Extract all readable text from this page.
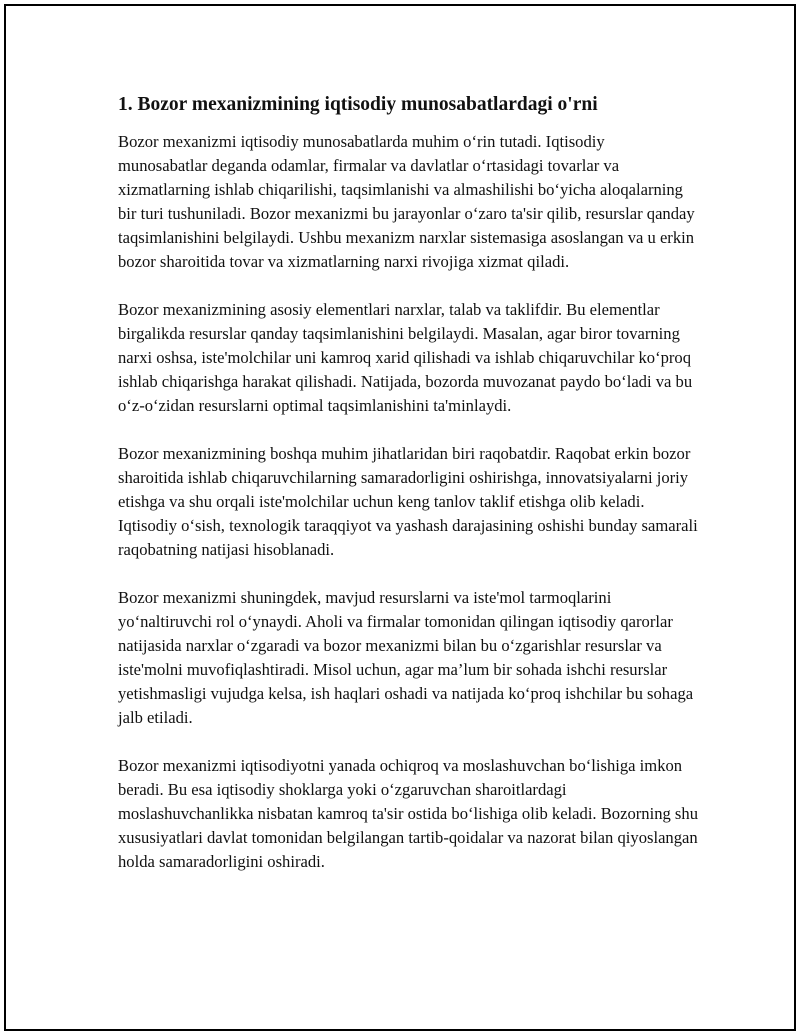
1. Bozor mexanizmining iqtisodiy munosabatlardagi o'rni

Bozor mexanizmi iqtisodiy munosabatlarda muhim o‘rin tutadi. Iqtisodiy munosabatlar deganda odamlar, firmalar va davlatlar o‘rtasidagi tovarlar va xizmatlarning ishlab chiqarilishi, taqsimlanishi va almashilishi bo‘yicha aloqalarning bir turi tushuniladi. Bozor mexanizmi bu jarayonlar o‘zaro ta'sir qilib, resurslar qanday taqsimlanishini belgilaydi. Ushbu mexanizm narxlar sistemasiga asoslangan va u erkin bozor sharoitida tovar va xizmatlarning narxi rivojiga xizmat qiladi.

Bozor mexanizmining asosiy elementlari narxlar, talab va taklifdir. Bu elementlar birgalikda resurslar qanday taqsimlanishini belgilaydi. Masalan, agar biror tovarning narxi oshsa, iste'molchilar uni kamroq xarid qilishadi va ishlab chiqaruvchilar ko‘proq ishlab chiqarishga harakat qilishadi. Natijada, bozorda muvozanat paydo bo‘ladi va bu o‘z-o‘zidan resurslarni optimal taqsimlanishini ta'minlaydi.

Bozor mexanizmining boshqa muhim jihatlaridan biri raqobatdir. Raqobat erkin bozor sharoitida ishlab chiqaruvchilarning samaradorligini oshirishga, innovatsiyalarni joriy etishga va shu orqali iste'molchilar uchun keng tanlov taklif etishga olib keladi. Iqtisodiy o‘sish, texnologik taraqqiyot va yashash darajasining oshishi bunday samarali raqobatning natijasi hisoblanadi.

Bozor mexanizmi shuningdek, mavjud resurslarni va iste'mol tarmoqlarini yo‘naltiruvchi rol o‘ynaydi. Aholi va firmalar tomonidan qilingan iqtisodiy qarorlar natijasida narxlar o‘zgaradi va bozor mexanizmi bilan bu o‘zgarishlar resurslar va iste'molni muvofiqlashtiradi. Misol uchun, agar ma’lum bir sohada ishchi resurslar yetishmasligi vujudga kelsa, ish haqlari oshadi va natijada ko‘proq ishchilar bu sohaga jalb etiladi.

Bozor mexanizmi iqtisodiyotni yanada ochiqroq va moslashuvchan bo‘lishiga imkon beradi. Bu esa iqtisodiy shoklarga yoki o‘zgaruvchan sharoitlardagi moslashuvchanlikka nisbatan kamroq ta'sir ostida bo‘lishiga olib keladi. Bozorning shu xususiyatlari davlat tomonidan belgilangan tartib-qoidalar va nazorat bilan qiyoslangan holda samaradorligini oshiradi.
